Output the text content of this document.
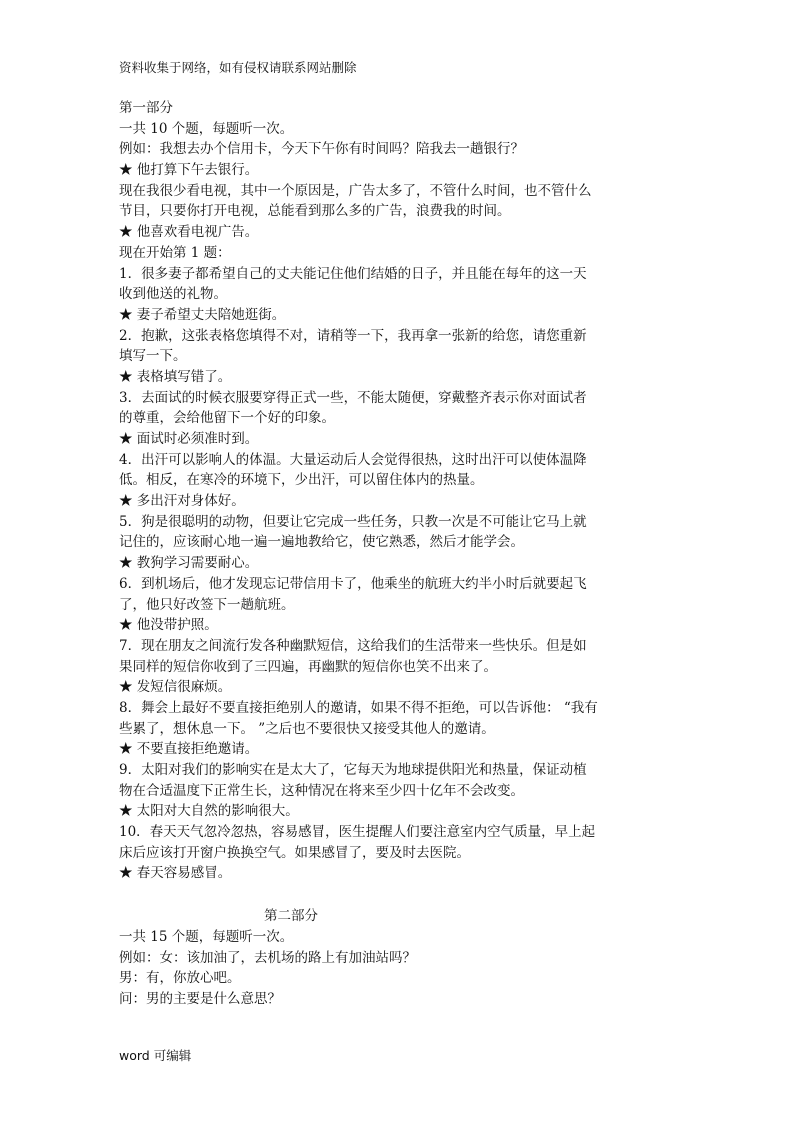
资料收集于网络，如有侵权请联系网站删除
第一部分
一共 10 个题，每题听一次。
例如：我想去办个信用卡，今天下午你有时间吗？陪我去一趟银行？
★ 他打算下午去银行。
现在我很少看电视，其中一个原因是，广告太多了，不管什么时间，也不管什么
节目，只要你打开电视，总能看到那么多的广告，浪费我的时间。
★ 他喜欢看电视广告。
现在开始第 1 题：
1．很多妻子都希望自己的丈夫能记住他们结婚的日子，并且能在每年的这一天
收到他送的礼物。
★ 妻子希望丈夫陪她逛街。
2．抱歉，这张表格您填得不对，请稍等一下，我再拿一张新的给您，请您重新
填写一下。
★ 表格填写错了。
3．去面试的时候衣服要穿得正式一些，不能太随便，穿戴整齐表示你对面试者
的尊重，会给他留下一个好的印象。
★ 面试时必须准时到。
4．出汗可以影响人的体温。大量运动后人会觉得很热，这时出汗可以使体温降
低。相反，在寒冷的环境下，少出汗，可以留住体内的热量。
★ 多出汗对身体好。
5．狗是很聪明的动物，但要让它完成一些任务，只教一次是不可能让它马上就
记住的，应该耐心地一遍一遍地教给它，使它熟悉，然后才能学会。
★ 教狗学习需要耐心。
6．到机场后，他才发现忘记带信用卡了，他乘坐的航班大约半小时后就要起飞
了，他只好改签下一趟航班。
★ 他没带护照。
7．现在朋友之间流行发各种幽默短信，这给我们的生活带来一些快乐。但是如
果同样的短信你收到了三四遍，再幽默的短信你也笑不出来了。
★ 发短信很麻烦。
8．舞会上最好不要直接拒绝别人的邀请，如果不得不拒绝，可以告诉他： “我有
些累了，想休息一下。 ”之后也不要很快又接受其他人的邀请。
★ 不要直接拒绝邀请。
9．太阳对我们的影响实在是太大了，它每天为地球提供阳光和热量，保证动植
物在合适温度下正常生长，这种情况在将来至少四十亿年不会改变。
★ 太阳对大自然的影响很大。
10．春天天气忽冷忽热，容易感冒，医生提醒人们要注意室内空气质量，早上起
床后应该打开窗户换换空气。如果感冒了，要及时去医院。
★ 春天容易感冒。
第二部分
一共 15 个题，每题听一次。
例如：女：该加油了，去机场的路上有加油站吗？
男：有，你放心吧。
问：男的主要是什么意思？
word 可编辑
